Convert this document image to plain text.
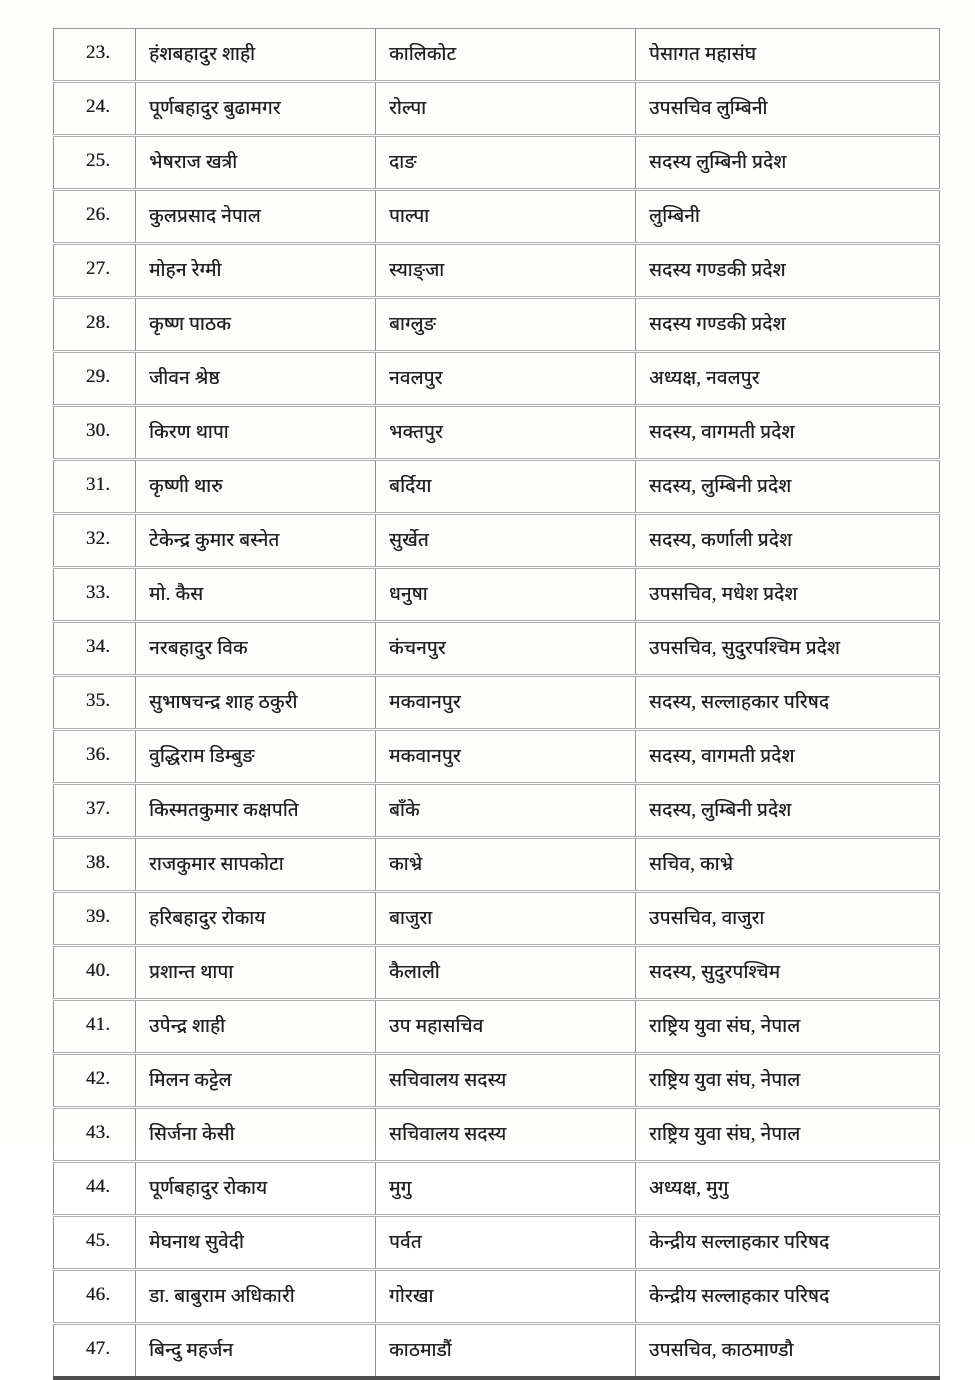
23.	हंशबहादुर शाही	कालिकोट	पेसागत महासंघ
24.	पूर्णबहादुर बुढामगर	रोल्पा	उपसचिव लुम्बिनी
25.	भेषराज खत्री	दाङ	सदस्य लुम्बिनी प्रदेश
26.	कुलप्रसाद नेपाल	पाल्पा	लुम्बिनी
27.	मोहन रेग्मी	स्याङ्जा	सदस्य गण्डकी प्रदेश
28.	कृष्ण पाठक	बाग्लुङ	सदस्य गण्डकी प्रदेश
29.	जीवन श्रेष्ठ	नवलपुर	अध्यक्ष, नवलपुर
30.	किरण थापा	भक्तपुर	सदस्य, वागमती प्रदेश
31.	कृष्णी थारु	बर्दिया	सदस्य, लुम्बिनी प्रदेश
32.	टेकेन्द्र कुमार बस्नेत	सुर्खेत	सदस्य, कर्णाली प्रदेश
33.	मो. कैस	धनुषा	उपसचिव, मधेश प्रदेश
34.	नरबहादुर विक	कंचनपुर	उपसचिव, सुदुरपश्चिम प्रदेश
35.	सुभाषचन्द्र शाह ठकुरी	मकवानपुर	सदस्य, सल्लाहकार परिषद
36.	वुद्धिराम डिम्बुङ	मकवानपुर	सदस्य, वागमती प्रदेश
37.	किस्मतकुमार कक्षपति	बाँके	सदस्य, लुम्बिनी प्रदेश
38.	राजकुमार सापकोटा	काभ्रे	सचिव, काभ्रे
39.	हरिबहादुर रोकाय	बाजुरा	उपसचिव, वाजुरा
40.	प्रशान्त थापा	कैलाली	सदस्य, सुदुरपश्चिम
41.	उपेन्द्र शाही	उप महासचिव	राष्ट्रिय युवा संघ, नेपाल
42.	मिलन कट्टेल	सचिवालय सदस्य	राष्ट्रिय युवा संघ, नेपाल
43.	सिर्जना केसी	सचिवालय सदस्य	राष्ट्रिय युवा संघ, नेपाल
44.	पूर्णबहादुर रोकाय	मुगु	अध्यक्ष, मुगु
45.	मेघनाथ सुवेदी	पर्वत	केन्द्रीय सल्लाहकार परिषद
46.	डा. बाबुराम अधिकारी	गोरखा	केन्द्रीय सल्लाहकार परिषद
47.	बिन्दु महर्जन	काठमाडौं	उपसचिव, काठमाण्डौ
